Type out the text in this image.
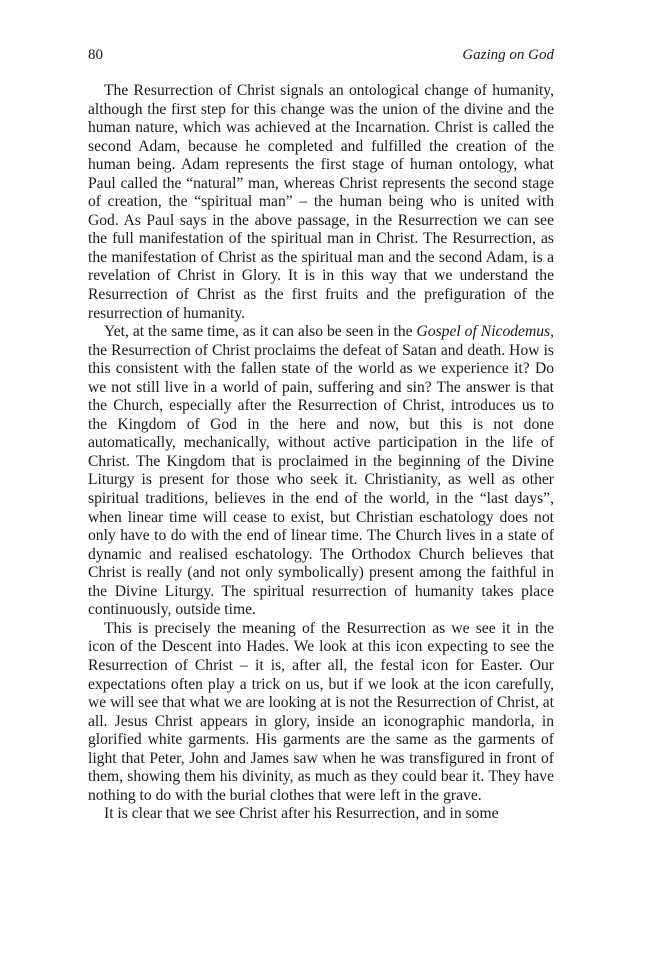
80	Gazing on God

The Resurrection of Christ signals an ontological change of humanity, although the first step for this change was the union of the divine and the human nature, which was achieved at the Incarnation. Christ is called the second Adam, because he completed and fulfilled the creation of the human being. Adam represents the first stage of human ontology, what Paul called the “natural” man, whereas Christ represents the second stage of creation, the “spiritual man” – the human being who is united with God. As Paul says in the above passage, in the Resurrection we can see the full manifestation of the spiritual man in Christ. The Resurrection, as the manifestation of Christ as the spiritual man and the second Adam, is a revelation of Christ in Glory. It is in this way that we understand the Resurrection of Christ as the first fruits and the prefiguration of the resurrection of humanity.

Yet, at the same time, as it can also be seen in the Gospel of Nicodemus, the Resurrection of Christ proclaims the defeat of Satan and death. How is this consistent with the fallen state of the world as we experience it? Do we not still live in a world of pain, suffering and sin? The answer is that the Church, especially after the Resurrection of Christ, introduces us to the Kingdom of God in the here and now, but this is not done automatically, mechanically, without active participation in the life of Christ. The Kingdom that is proclaimed in the beginning of the Divine Liturgy is present for those who seek it. Christianity, as well as other spiritual traditions, believes in the end of the world, in the “last days”, when linear time will cease to exist, but Christian eschatology does not only have to do with the end of linear time. The Church lives in a state of dynamic and realised eschatology. The Orthodox Church believes that Christ is really (and not only symbolically) present among the faithful in the Divine Liturgy. The spiritual resurrection of humanity takes place continuously, outside time.

This is precisely the meaning of the Resurrection as we see it in the icon of the Descent into Hades. We look at this icon expecting to see the Resurrection of Christ – it is, after all, the festal icon for Easter. Our expectations often play a trick on us, but if we look at the icon carefully, we will see that what we are looking at is not the Resurrection of Christ, at all. Jesus Christ appears in glory, inside an iconographic mandorla, in glorified white garments. His garments are the same as the garments of light that Peter, John and James saw when he was transfigured in front of them, showing them his divinity, as much as they could bear it. They have nothing to do with the burial clothes that were left in the grave.

It is clear that we see Christ after his Resurrection, and in some
